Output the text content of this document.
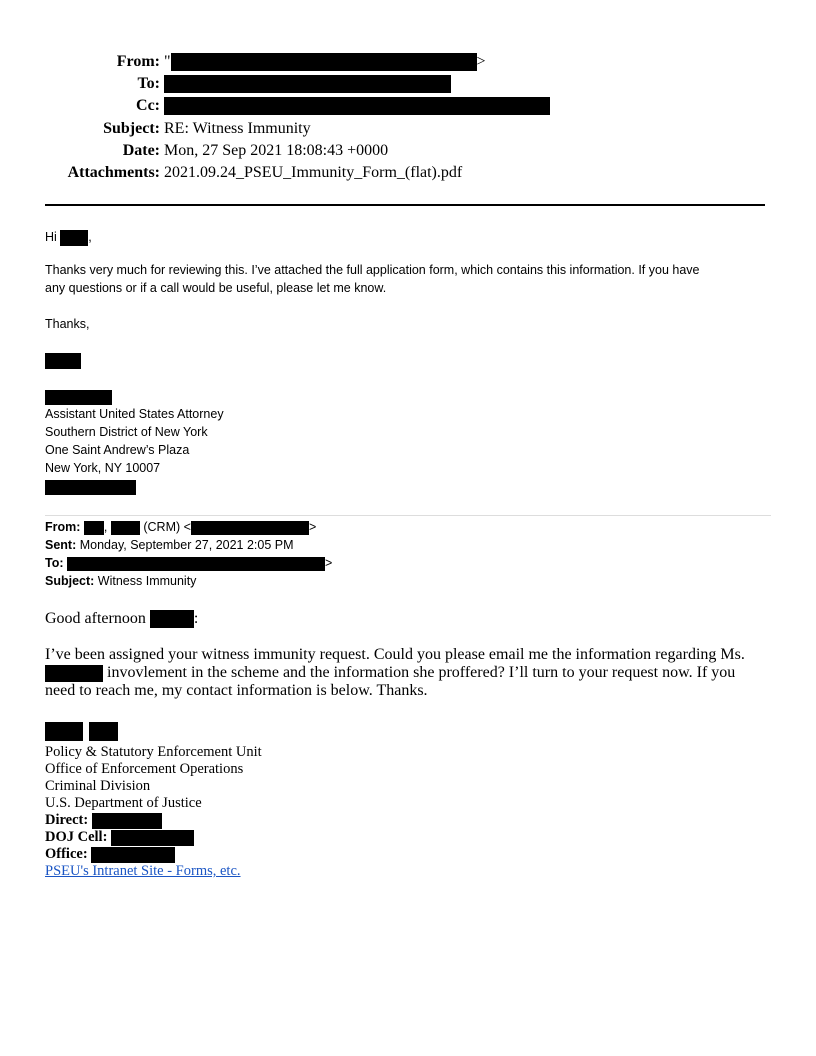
From: "	>
To:
Cc:
Subject: RE: Witness Immunity
Date: Mon, 27 Sep 2021 18:08:43 +0000
Attachments: 2021.09.24_PSEU_Immunity_Form_(flat).pdf
Hi	,
Thanks very much for reviewing this. I’ve attached the full application form, which contains this information. If you have
any questions or if a call would be useful, please let me know.
Thanks,
Assistant United States Attorney
Southern District of New York
One Saint Andrew’s Plaza
New York, NY 10007
From: ,	(CRM) <	>
Sent: Monday, September 27, 2021 2:05 PM
To:	>
Subject: Witness Immunity
Good afternoon	:
I’ve been assigned your witness immunity request. Could you please email me the information regarding Ms.
invovlement in the scheme and the information she proffered? I’ll turn to your request now. If you
need to reach me, my contact information is below. Thanks.
Policy & Statutory Enforcement Unit
Office of Enforcement Operations
Criminal Division
U.S. Department of Justice
Direct:
DOJ Cell:
Office:
PSEU's Intranet Site - Forms, etc.
